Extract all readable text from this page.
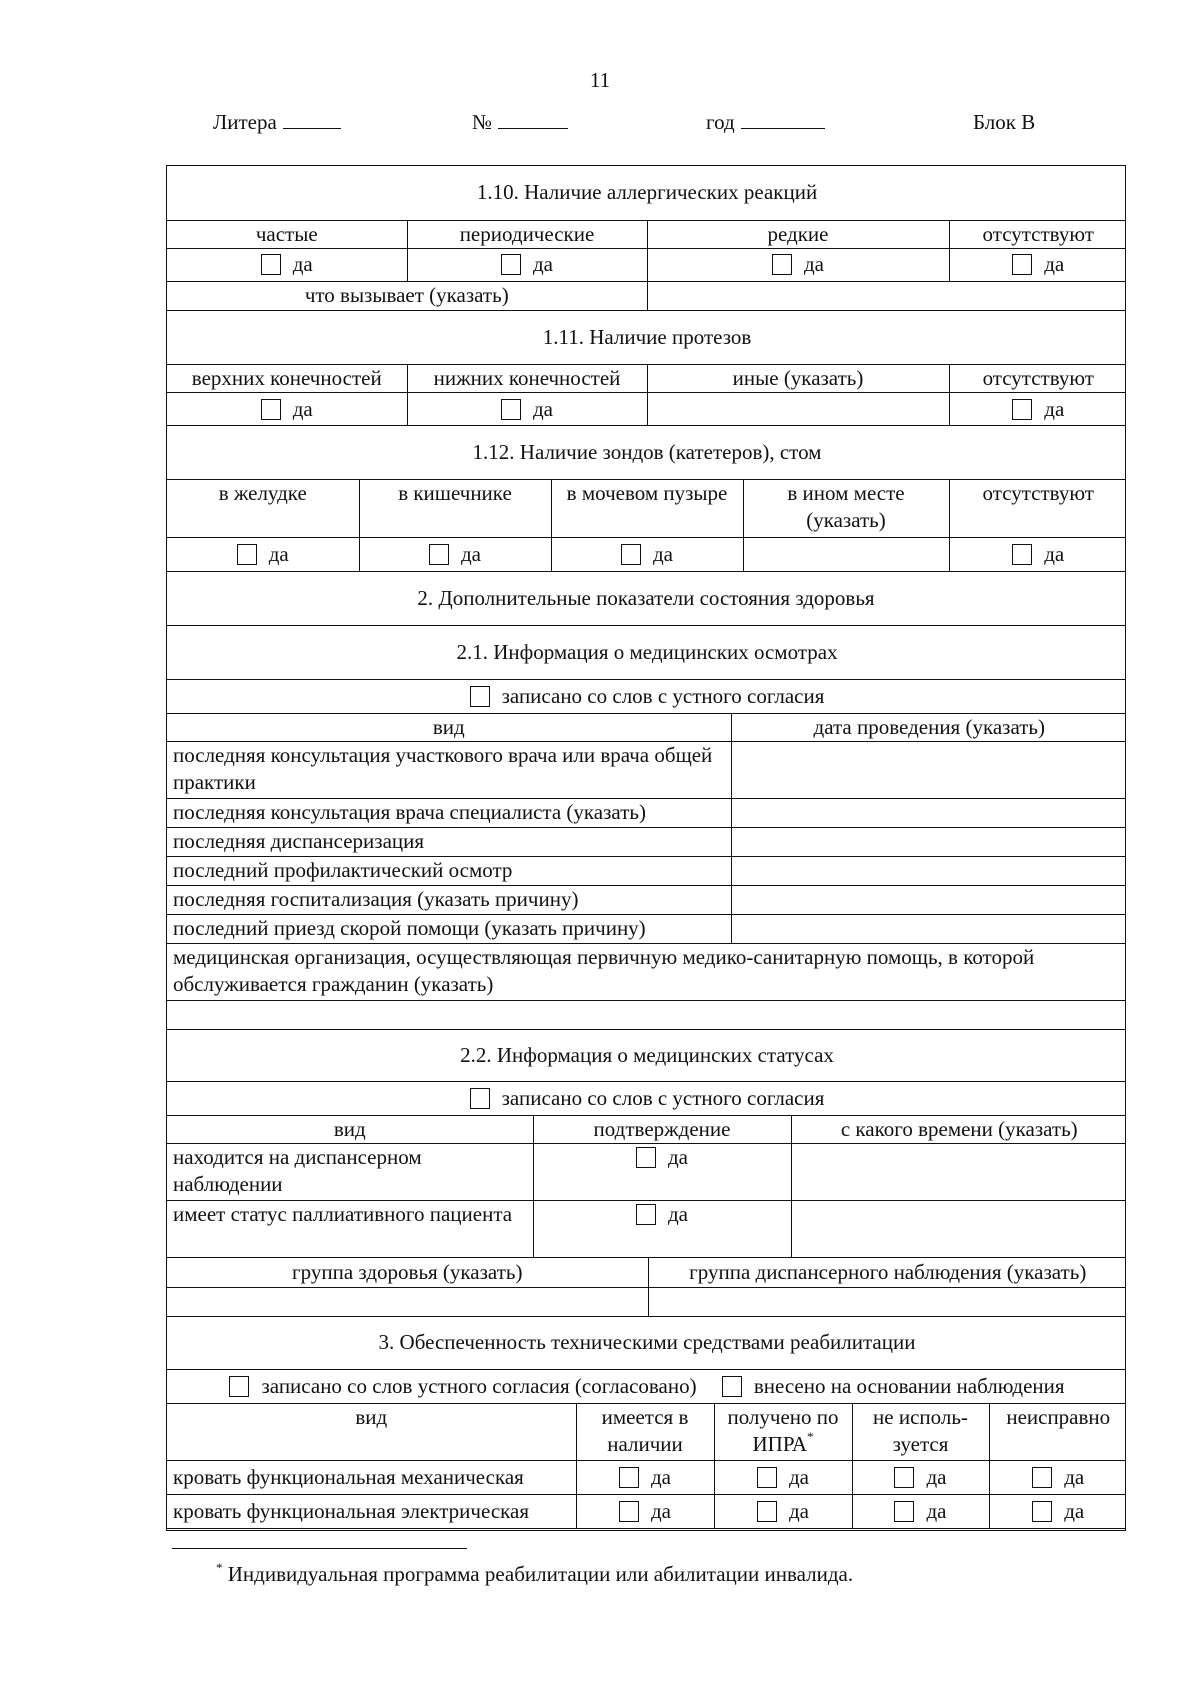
11
Литера	№	год	Блок В
1.10. Наличие аллергических реакций			
частые	периодические	редкие	отсутствуют
да	да	да	да
что вызывает (указать)			
1.11. Наличие протезов			
верхних конечностей	нижних конечностей	иные (указать)	отсутствуют
да	да		да
1.12. Наличие зондов (катетеров), стом				
в желудке	в кишечнике	в мочевом пузыре	в ином месте (указать)	отсутствуют
да	да	да		да
2. Дополнительные показатели состояния здоровья
2.1. Информация о медицинских осмотрах	
записано со слов с устного согласия	
вид	дата проведения (указать)
последняя консультация участкового врача или врача общей практики	
последняя консультация врача специалиста (указать)	
последняя диспансеризация	
последний профилактический осмотр	
последняя госпитализация (указать причину)	
последний приезд скорой помощи (указать причину)	
медицинская организация, осуществляющая первичную медико-санитарную помощь, в которой обслуживается гражданин (указать)	

2.2. Информация о медицинских статусах		
записано со слов с устного согласия		
вид	подтверждение	с какого времени (указать)
находится на диспансерном наблюдении	да	
имеет статус паллиативного пациента	да	
группа здоровья (указать)	группа диспансерного наблюдения (указать)

3. Обеспеченность техническими средствами реабилитации				
записано со слов устного согласия (согласовано) внесено на основании наблюдения				
вид	имеется в наличии	получено по ИПРА*	не исполь-зуется	неисправно
кровать функциональная механическая	да	да	да	да
кровать функциональная электрическая	да	да	да	да
* Индивидуальная программа реабилитации или абилитации инвалида.
